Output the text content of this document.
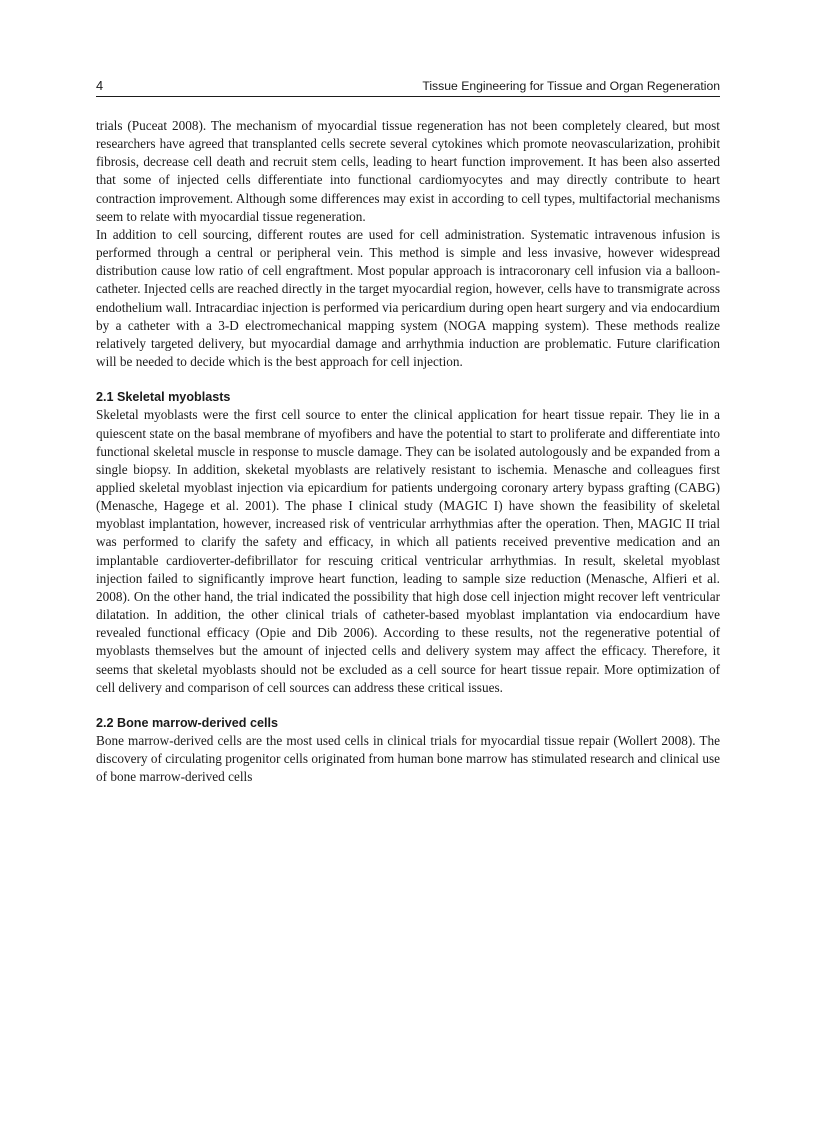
4	Tissue Engineering for Tissue and Organ Regeneration

trials (Puceat 2008). The mechanism of myocardial tissue regeneration has not been completely cleared, but most researchers have agreed that transplanted cells secrete several cytokines which promote neovascularization, prohibit fibrosis, decrease cell death and recruit stem cells, leading to heart function improvement. It has been also asserted that some of injected cells differentiate into functional cardiomyocytes and may directly contribute to heart contraction improvement. Although some differences may exist in according to cell types, multifactorial mechanisms seem to relate with myocardial tissue regeneration.

In addition to cell sourcing, different routes are used for cell administration. Systematic intravenous infusion is performed through a central or peripheral vein. This method is simple and less invasive, however widespread distribution cause low ratio of cell engraftment. Most popular approach is intracoronary cell infusion via a balloon-catheter. Injected cells are reached directly in the target myocardial region, however, cells have to transmigrate across endothelium wall. Intracardiac injection is performed via pericardium during open heart surgery and via endocardium by a catheter with a 3-D electromechanical mapping system (NOGA mapping system). These methods realize relatively targeted delivery, but myocardial damage and arrhythmia induction are problematic. Future clarification will be needed to decide which is the best approach for cell injection.

2.1 Skeletal myoblasts

Skeletal myoblasts were the first cell source to enter the clinical application for heart tissue repair. They lie in a quiescent state on the basal membrane of myofibers and have the potential to start to proliferate and differentiate into functional skeletal muscle in response to muscle damage. They can be isolated autologously and be expanded from a single biopsy. In addition, skeketal myoblasts are relatively resistant to ischemia. Menasche and colleagues first applied skeletal myoblast injection via epicardium for patients undergoing coronary artery bypass grafting (CABG) (Menasche, Hagege et al. 2001). The phase I clinical study (MAGIC I) have shown the feasibility of skeletal myoblast implantation, however, increased risk of ventricular arrhythmias after the operation. Then, MAGIC II trial was performed to clarify the safety and efficacy, in which all patients received preventive medication and an implantable cardioverter-defibrillator for rescuing critical ventricular arrhythmias. In result, skeletal myoblast injection failed to significantly improve heart function, leading to sample size reduction (Menasche, Alfieri et al. 2008). On the other hand, the trial indicated the possibility that high dose cell injection might recover left ventricular dilatation. In addition, the other clinical trials of catheter-based myoblast implantation via endocardium have revealed functional efficacy (Opie and Dib 2006). According to these results, not the regenerative potential of myoblasts themselves but the amount of injected cells and delivery system may affect the efficacy. Therefore, it seems that skeletal myoblasts should not be excluded as a cell source for heart tissue repair. More optimization of cell delivery and comparison of cell sources can address these critical issues.

2.2 Bone marrow-derived cells

Bone marrow-derived cells are the most used cells in clinical trials for myocardial tissue repair (Wollert 2008). The discovery of circulating progenitor cells originated from human bone marrow has stimulated research and clinical use of bone marrow-derived cells
